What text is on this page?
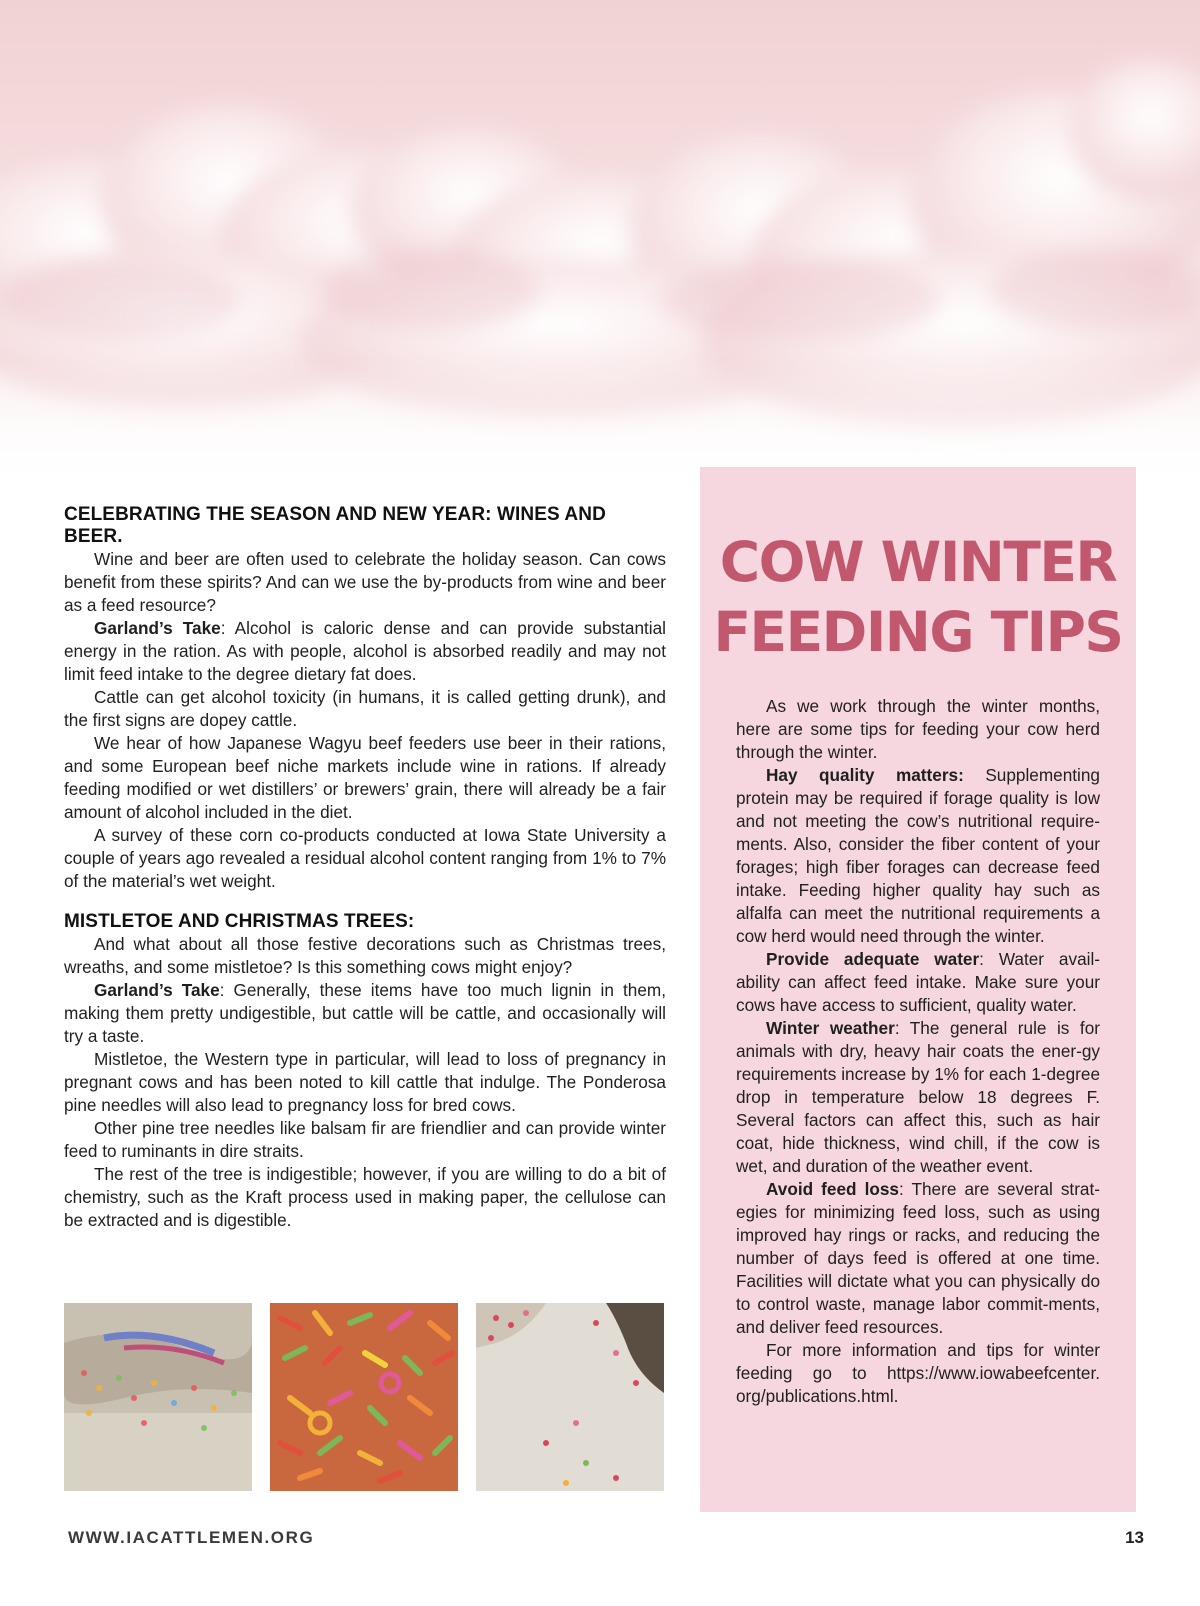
CELEBRATING THE SEASON AND NEW YEAR: WINES AND BEER.

Wine and beer are often used to celebrate the holiday season. Can cows benefit from these spirits? And can we use the by-products from wine and beer as a feed resource?

Garland’s Take: Alcohol is caloric dense and can provide substantial energy in the ration. As with people, alcohol is absorbed readily and may not limit feed intake to the degree dietary fat does.

Cattle can get alcohol toxicity (in humans, it is called getting drunk), and the first signs are dopey cattle.

We hear of how Japanese Wagyu beef feeders use beer in their rations, and some European beef niche markets include wine in rations. If already feeding modified or wet distillers’ or brewers’ grain, there will already be a fair amount of alcohol included in the diet.

A survey of these corn co-products conducted at Iowa State University a couple of years ago revealed a residual alcohol content ranging from 1% to 7% of the material’s wet weight.

MISTLETOE AND CHRISTMAS TREES:

And what about all those festive decorations such as Christmas trees, wreaths, and some mistletoe? Is this something cows might enjoy?

Garland’s Take: Generally, these items have too much lignin in them, making them pretty undigestible, but cattle will be cattle, and occasionally will try a taste.

Mistletoe, the Western type in particular, will lead to loss of pregnancy in pregnant cows and has been noted to kill cattle that indulge. The Ponderosa pine needles will also lead to pregnancy loss for bred cows.

Other pine tree needles like balsam fir are friendlier and can provide winter feed to ruminants in dire straits.

The rest of the tree is indigestible; however, if you are willing to do a bit of chemistry, such as the Kraft process used in making paper, the cellulose can be extracted and is digestible.

COW WINTER
FEEDING TIPS

As we work through the winter months, here are some tips for feeding your cow herd through the winter.

Hay quality matters: Supplementing protein may be required if forage quality is low and not meeting the cow’s nutritional require-ments. Also, consider the fiber content of your forages; high fiber forages can decrease feed intake. Feeding higher quality hay such as alfalfa can meet the nutritional requirements a cow herd would need through the winter.

Provide adequate water: Water avail-ability can affect feed intake. Make sure your cows have access to sufficient, quality water.

Winter weather: The general rule is for animals with dry, heavy hair coats the ener-gy requirements increase by 1% for each 1-degree drop in temperature below 18 degrees F. Several factors can affect this, such as hair coat, hide thickness, wind chill, if the cow is wet, and duration of the weather event.

Avoid feed loss: There are several strat-egies for minimizing feed loss, such as using improved hay rings or racks, and reducing the number of days feed is offered at one time. Facilities will dictate what you can physically do to control waste, manage labor commit-ments, and deliver feed resources.

For more information and tips for winter feeding go to https://www.iowabeefcenter. org/publications.html.

WWW.IACATTLEMEN.ORG	13
